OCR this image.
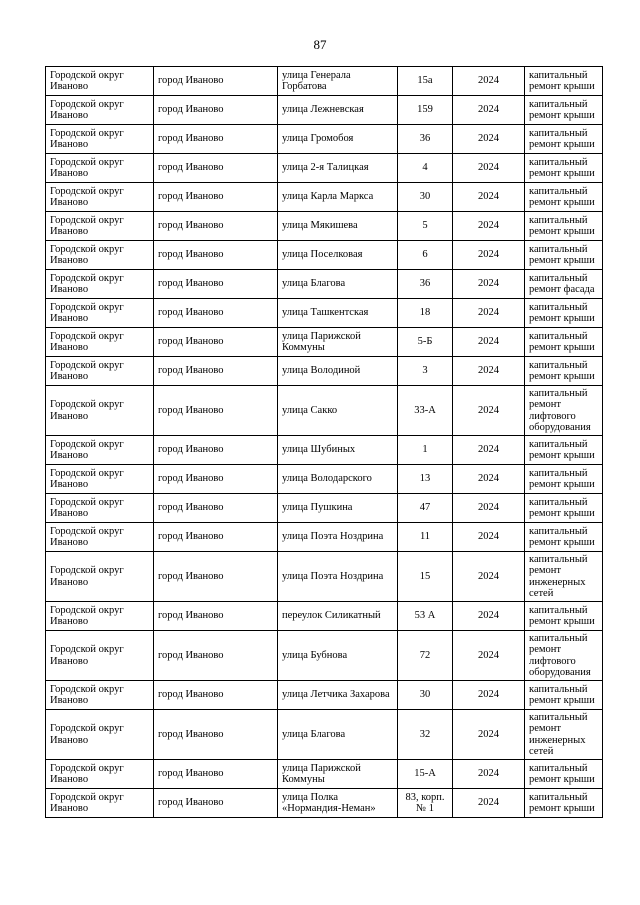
87
Городской округ Иваново	город Иваново	улица Генерала Горбатова	15а	2024	капитальный ремонт крыши
Городской округ Иваново	город Иваново	улица Лежневская	159	2024	капитальный ремонт крыши
Городской округ Иваново	город Иваново	улица Громобоя	36	2024	капитальный ремонт крыши
Городской округ Иваново	город Иваново	улица 2-я Талицкая	4	2024	капитальный ремонт крыши
Городской округ Иваново	город Иваново	улица Карла Маркса	30	2024	капитальный ремонт крыши
Городской округ Иваново	город Иваново	улица Мякишева	5	2024	капитальный ремонт крыши
Городской округ Иваново	город Иваново	улица Поселковая	6	2024	капитальный ремонт крыши
Городской округ Иваново	город Иваново	улица Благова	36	2024	капитальный ремонт фасада
Городской округ Иваново	город Иваново	улица Ташкентская	18	2024	капитальный ремонт крыши
Городской округ Иваново	город Иваново	улица Парижской Коммуны	5-Б	2024	капитальный ремонт крыши
Городской округ Иваново	город Иваново	улица Володиной	3	2024	капитальный ремонт крыши
Городской округ Иваново	город Иваново	улица Сакко	33-А	2024	капитальный ремонт лифтового оборудования
Городской округ Иваново	город Иваново	улица Шубиных	1	2024	капитальный ремонт крыши
Городской округ Иваново	город Иваново	улица Володарского	13	2024	капитальный ремонт крыши
Городской округ Иваново	город Иваново	улица Пушкина	47	2024	капитальный ремонт крыши
Городской округ Иваново	город Иваново	улица Поэта Ноздрина	11	2024	капитальный ремонт крыши
Городской округ Иваново	город Иваново	улица Поэта Ноздрина	15	2024	капитальный ремонт инженерных сетей
Городской округ Иваново	город Иваново	переулок Силикатный	53 А	2024	капитальный ремонт крыши
Городской округ Иваново	город Иваново	улица Бубнова	72	2024	капитальный ремонт лифтового оборудования
Городской округ Иваново	город Иваново	улица Летчика Захарова	30	2024	капитальный ремонт крыши
Городской округ Иваново	город Иваново	улица Благова	32	2024	капитальный ремонт инженерных сетей
Городской округ Иваново	город Иваново	улица Парижской Коммуны	15-А	2024	капитальный ремонт крыши
Городской округ Иваново	город Иваново	улица Полка «Нормандия-Неман»	83, корп. № 1	2024	капитальный ремонт крыши
